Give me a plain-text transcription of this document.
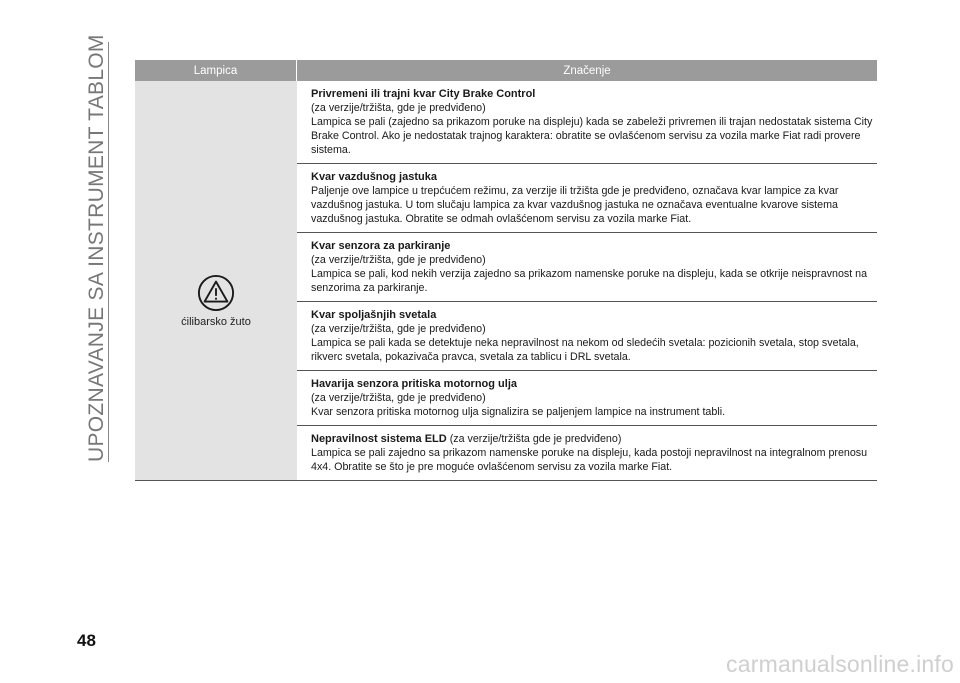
UPOZNAVANJE SA INSTRUMENT TABLOM	Lampica	Značenje
ćilibarsko žuto

Privremeni ili trajni kvar City Brake Control

(za verzije/tržišta, gde je predviđeno)

Lampica se pali (zajedno sa prikazom poruke na displeju) kada se zabeleži privremen ili trajan nedostatak sistema City Brake Control. Ako je nedostatak trajnog karaktera: obratite se ovlašćenom servisu za vozila marke Fiat radi provere sistema.

Kvar vazdušnog jastuka

Paljenje ove lampice u trepćućem režimu, za verzije ili tržišta gde je predviđeno, označava kvar lampice za kvar vazdušnog jastuka. U tom slučaju lampica za kvar vazdušnog jastuka ne označava eventualne kvarove sistema vazdušnog jastuka. Obratite se odmah ovlašćenom servisu za vozila marke Fiat.

Kvar senzora za parkiranje

(za verzije/tržišta, gde je predviđeno)

Lampica se pali, kod nekih verzija zajedno sa prikazom namenske poruke na displeju, kada se otkrije neispravnost na senzorima za parkiranje.

Kvar spoljašnjih svetala

(za verzije/tržišta, gde je predviđeno)

Lampica se pali kada se detektuje neka nepravilnost na nekom od sledećih svetala: pozicionih svetala, stop svetala, rikverc svetala, pokazivača pravca, svetala za tablicu i DRL svetala.

Havarija senzora pritiska motornog ulja

(za verzije/tržišta, gde je predviđeno)

Kvar senzora pritiska motornog ulja signalizira se paljenjem lampice na instrument tabli.

Nepravilnost sistema ELD (za verzije/tržišta gde je predviđeno)

Lampica se pali zajedno sa prikazom namenske poruke na displeju, kada postoji nepravilnost na integralnom prenosu 4x4. Obratite se što je pre moguće ovlašćenom servisu za vozila marke Fiat.

48
carmanualsonline.info
